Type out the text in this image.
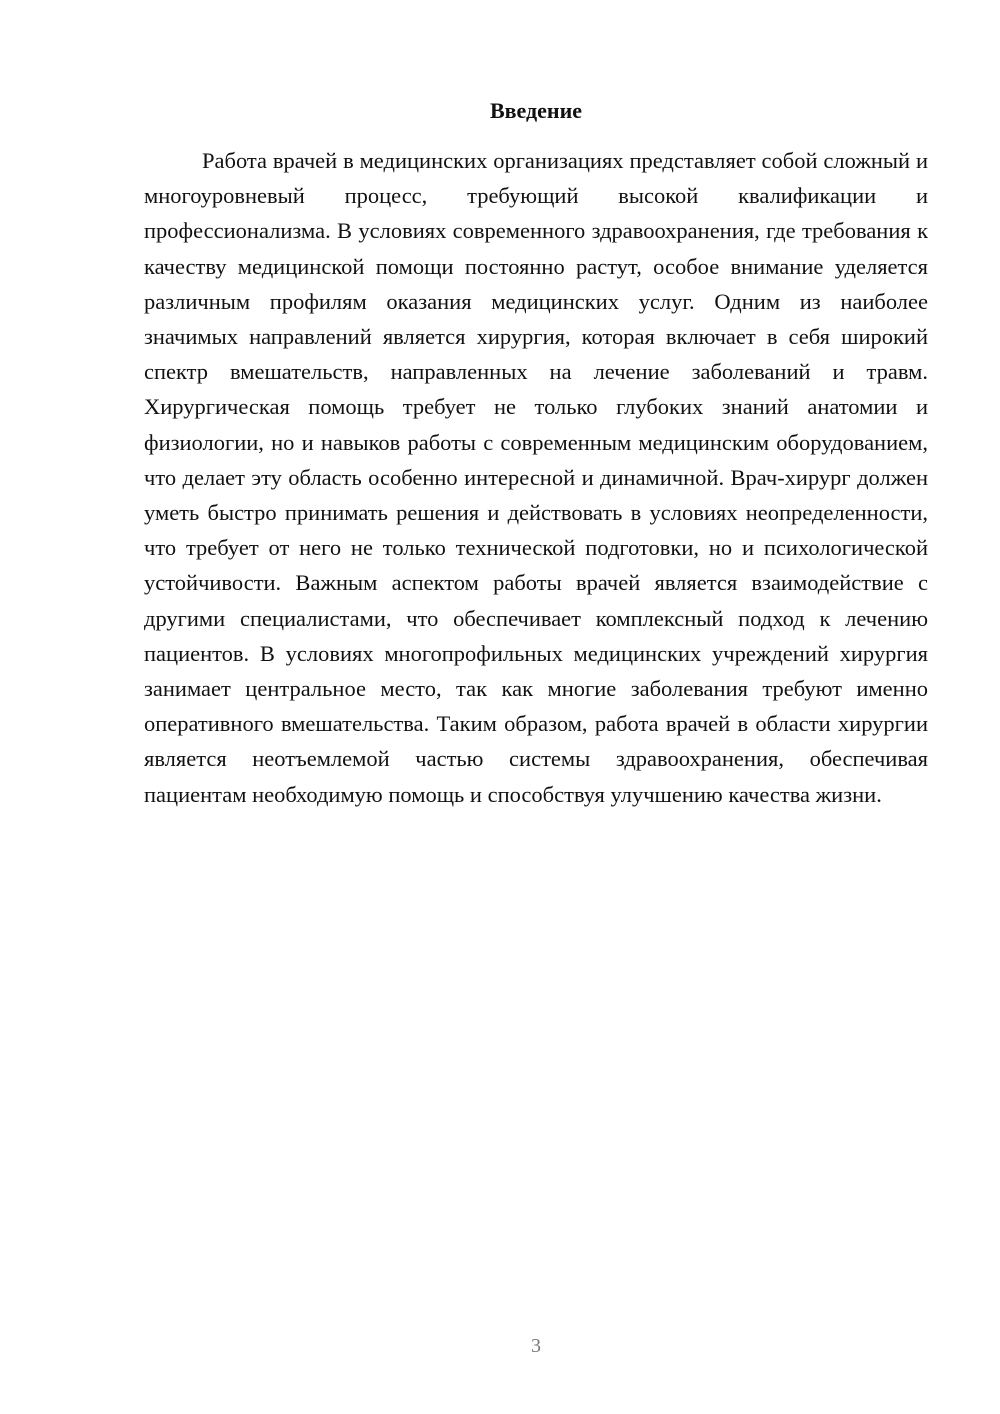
Введение

Работа врачей в медицинских организациях представляет собой сложный и многоуровневый процесс, требующий высокой квалификации и профессионализма. В условиях современного здравоохранения, где требования к качеству медицинской помощи постоянно растут, особое внимание уделяется различным профилям оказания медицинских услуг. Одним из наиболее значимых направлений является хирургия, которая включает в себя широкий спектр вмешательств, направленных на лечение заболеваний и травм. Хирургическая помощь требует не только глубоких знаний анатомии и физиологии, но и навыков работы с современным медицинским оборудованием, что делает эту область особенно интересной и динамичной. Врач-хирург должен уметь быстро принимать решения и действовать в условиях неопределенности, что требует от него не только технической подготовки, но и психологической устойчивости. Важным аспектом работы врачей является взаимодействие с другими специалистами, что обеспечивает комплексный подход к лечению пациентов. В условиях многопрофильных медицинских учреждений хирургия занимает центральное место, так как многие заболевания требуют именно оперативного вмешательства. Таким образом, работа врачей в области хирургии является неотъемлемой частью системы здравоохранения, обеспечивая пациентам необходимую помощь и способствуя улучшению качества жизни.

3
